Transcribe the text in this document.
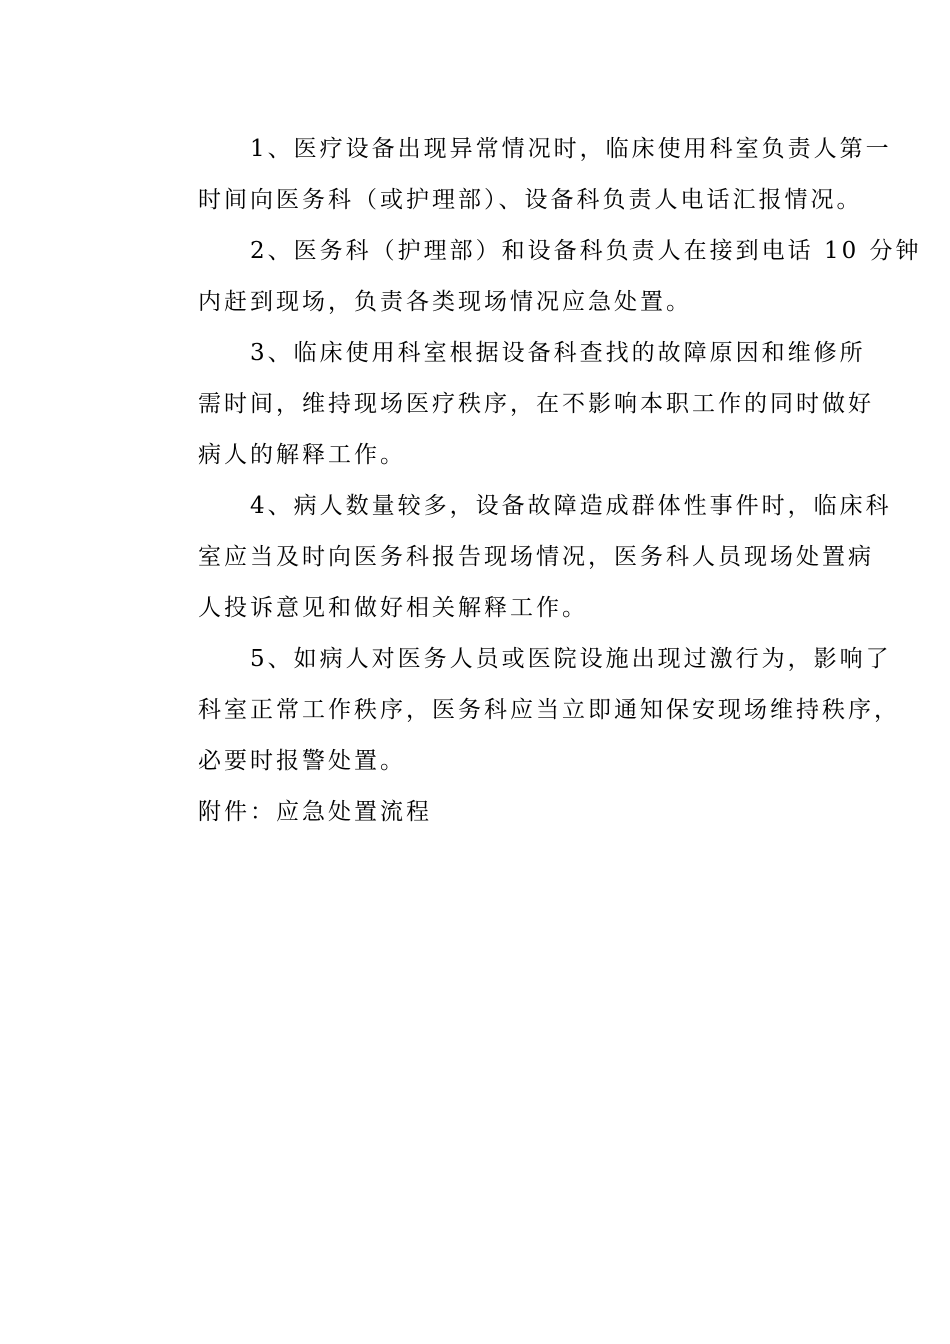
1、医疗设备出现异常情况时，临床使用科室负责人第一
时间向医务科（或护理部）、设备科负责人电话汇报情况。

2、医务科（护理部）和设备科负责人在接到电话 10 分钟
内赶到现场，负责各类现场情况应急处置。

3、临床使用科室根据设备科查找的故障原因和维修所
需时间，维持现场医疗秩序，在不影响本职工作的同时做好
病人的解释工作。

4、病人数量较多，设备故障造成群体性事件时，临床科
室应当及时向医务科报告现场情况，医务科人员现场处置病
人投诉意见和做好相关解释工作。

5、如病人对医务人员或医院设施出现过激行为，影响了
科室正常工作秩序，医务科应当立即通知保安现场维持秩序，
必要时报警处置。

附件：应急处置流程
